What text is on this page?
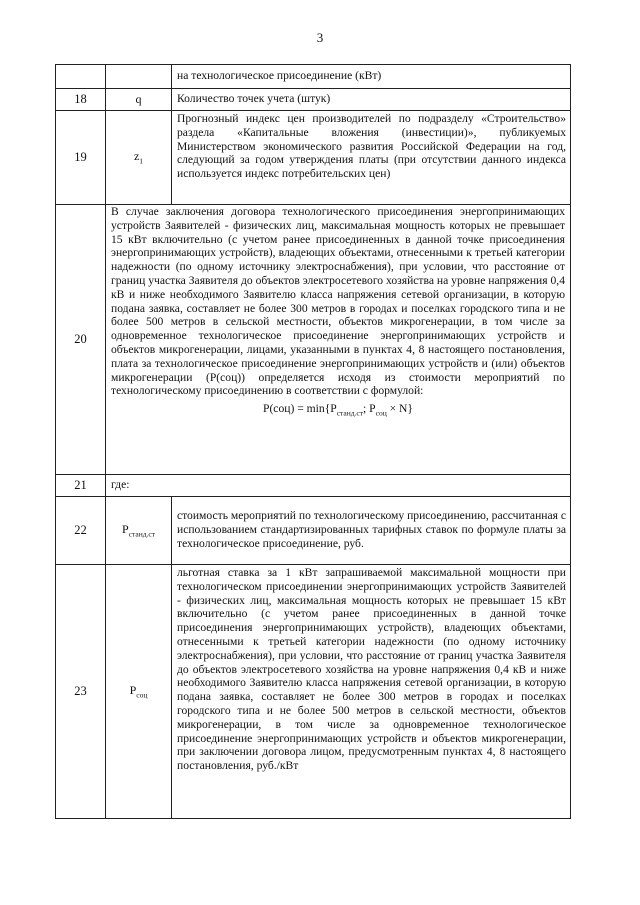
3
		на технологическое присоединение (кВт)
18	q	Количество точек учета (штук)
19	$z_1$	Прогнозный индекс цен производителей по подразделу «Строительство» раздела «Капитальные вложения (инвестиции)», публикуемых Министерством экономического развития Российской Федерации на год, следующий за годом утверждения платы (при отсутствии данного индекса используется индекс потребительских цен)
20	В случае заключения договора технологического присоединения энергопринимающих устройств Заявителей - физических лиц, максимальная мощность которых не превышает 15 кВт включительно (с учетом ранее присоединенных в данной точке присоединения энергопринимающих устройств), владеющих объектами, отнесенными к третьей категории надежности (по одному источнику электроснабжения), при условии, что расстояние от границ участка Заявителя до объектов электросетевого хозяйства на уровне напряжения 0,4 кВ и ниже необходимого Заявителю класса напряжения сетевой организации, в которую подана заявка, составляет не более 300 метров в городах и поселках городского типа и не более 500 метров в сельской местности, объектов микрогенерации, в том числе за одновременное технологическое присоединение энергопринимающих устройств и объектов микрогенерации, лицами, указанными в пунктах 4, 8 настоящего постановления, плата за технологическое присоединение энергопринимающих устройств и (или) объектов микрогенерации (P(соц)) определяется исходя из стоимости мероприятий по технологическому присоединению в соответствии с формулой:
$P(соц) = \min\{P_{станд.ст}$; $P_{соц} \times N$}	

21	где:	
22	$P_{станд.ст}$	стоимость мероприятий по технологическому присоединению, рассчитанная с использованием стандартизированных тарифных ставок по формуле платы за технологическое присоединение, руб.
23	$P_{соц}$	льготная ставка за 1 кВт запрашиваемой максимальной мощности при технологическом присоединении энергопринимающих устройств Заявителей - физических лиц, максимальная мощность которых не превышает 15 кВт включительно (с учетом ранее присоединенных в данной точке присоединения энергопринимающих устройств), владеющих объектами, отнесенными к третьей категории надежности (по одному источнику электроснабжения), при условии, что расстояние от границ участка Заявителя до объектов электросетевого хозяйства на уровне напряжения 0,4 кВ и ниже необходимого Заявителю класса напряжения сетевой организации, в которую подана заявка, составляет не более 300 метров в городах и поселках городского типа и не более 500 метров в сельской местности, объектов микрогенерации, в том числе за одновременное технологическое присоединение энергопринимающих устройств и объектов микрогенерации, при заключении договора лицом, предусмотренным пунктах 4, 8 настоящего постановления, руб./кВт
